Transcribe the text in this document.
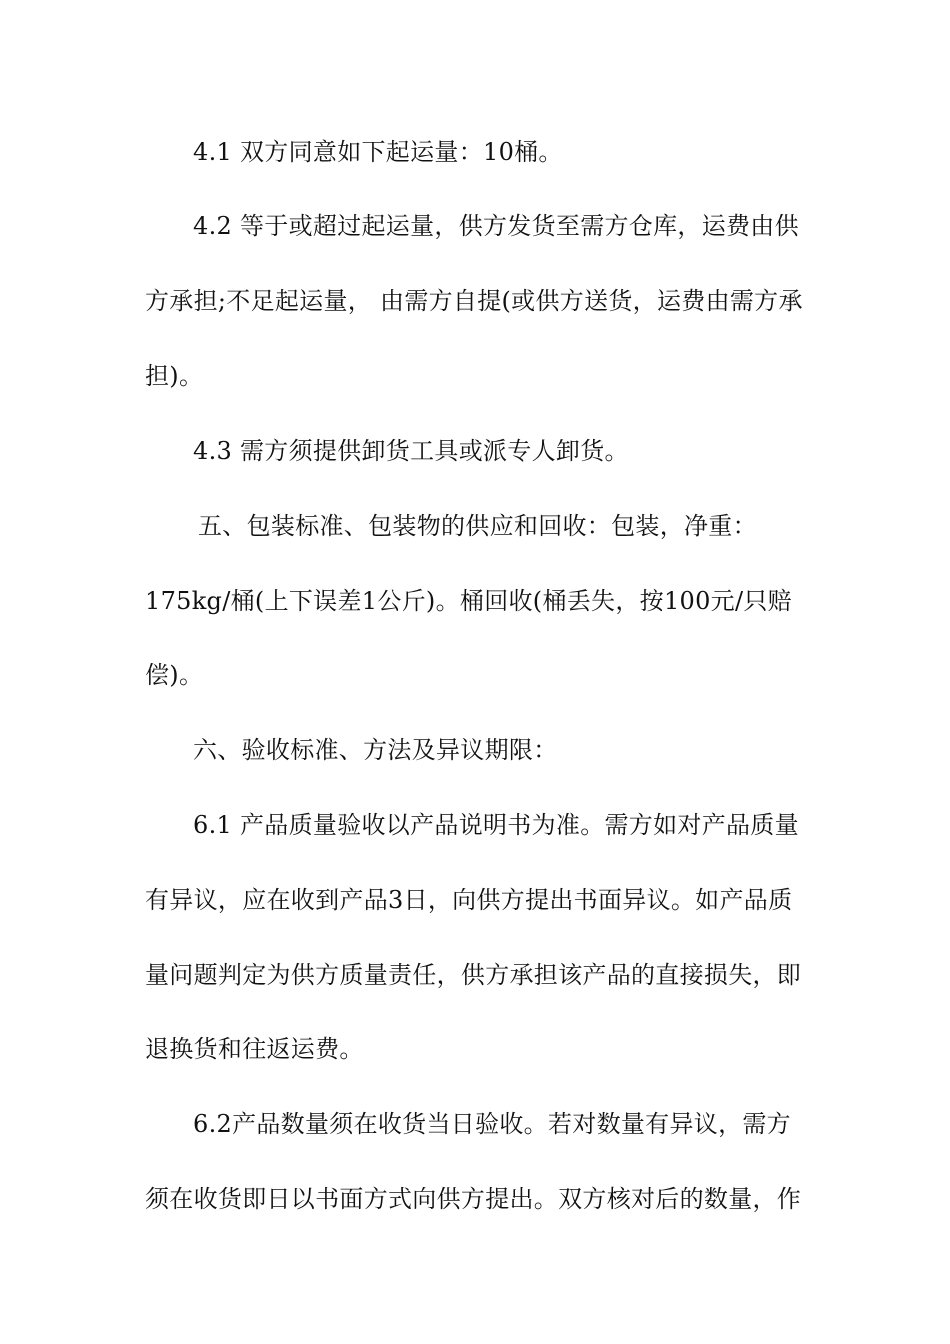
4.1 双方同意如下起运量：10桶。
4.2 等于或超过起运量，供方发货至需方仓库，运费由供
方承担;不足起运量， 由需方自提(或供方送货，运费由需方承
担)。
4.3 需方须提供卸货工具或派专人卸货。
五、包装标准、包装物的供应和回收：包装，净重：
175kg/桶(上下误差1公斤)。桶回收(桶丢失，按100元/只赔
偿)。
六、验收标准、方法及异议期限：
6.1 产品质量验收以产品说明书为准。需方如对产品质量
有异议，应在收到产品3日，向供方提出书面异议。如产品质
量问题判定为供方质量责任，供方承担该产品的直接损失，即
退换货和往返运费。
6.2产品数量须在收货当日验收。若对数量有异议，需方
须在收货即日以书面方式向供方提出。双方核对后的数量，作
